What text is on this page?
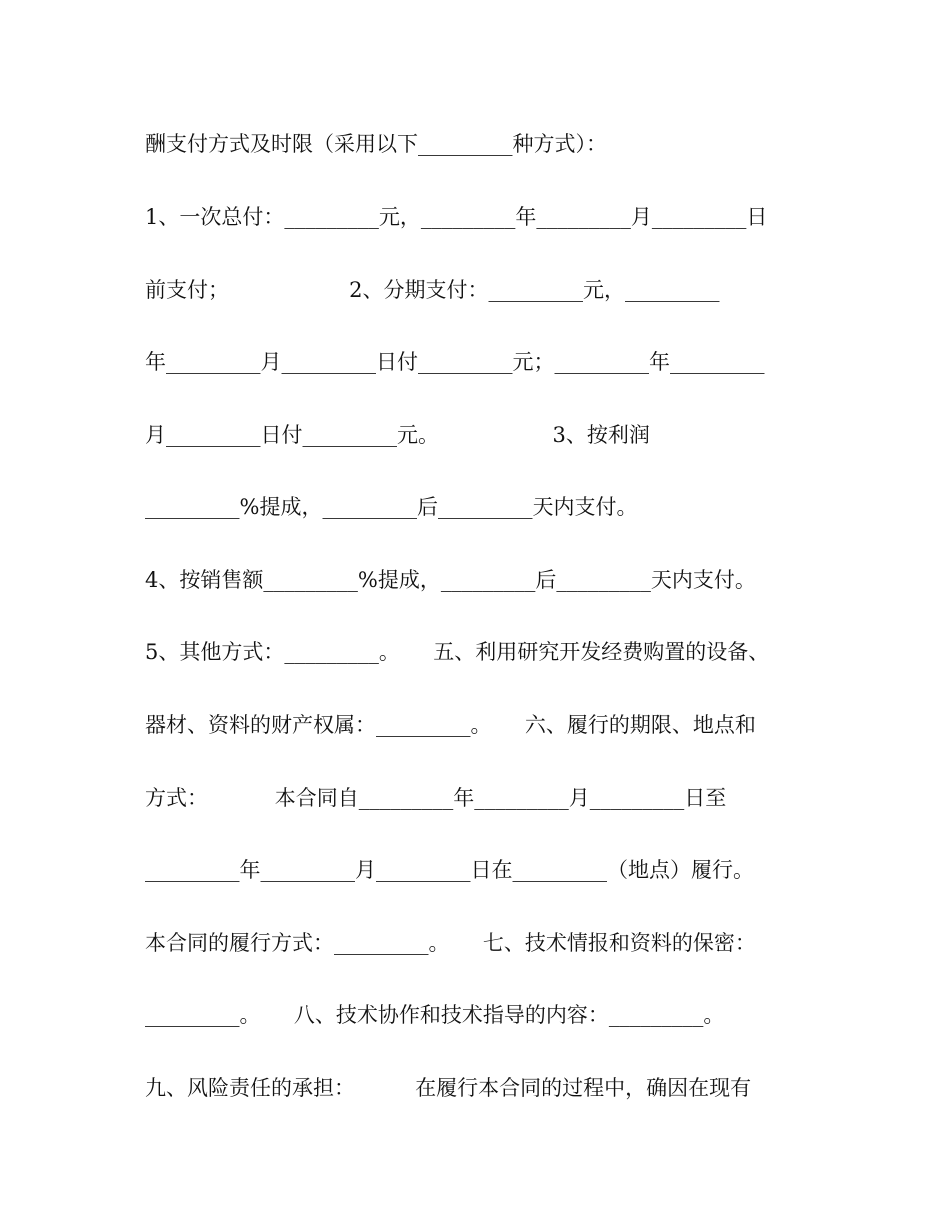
酬支付方式及时限（采用以下_________种方式）：
1、一次总付：_________元，_________年_________月_________日
前支付；                  2、分期支付：_________元，_________
年_________月_________日付_________元；_________年_________
月_________日付_________元。                 3、按利润
_________%提成，_________后_________天内支付。
4、按销售额_________%提成，_________后_________天内支付。
5、其他方式：_________。     五、利用研究开发经费购置的设备、
器材、资料的财产权属：_________。     六、履行的期限、地点和
方式：          本合同自_________年_________月_________日至
_________年_________月_________日在_________（地点）履行。
本合同的履行方式：_________。     七、技术情报和资料的保密：
_________。     八、技术协作和技术指导的内容：_________。
九、风险责任的承担：         在履行本合同的过程中，确因在现有
